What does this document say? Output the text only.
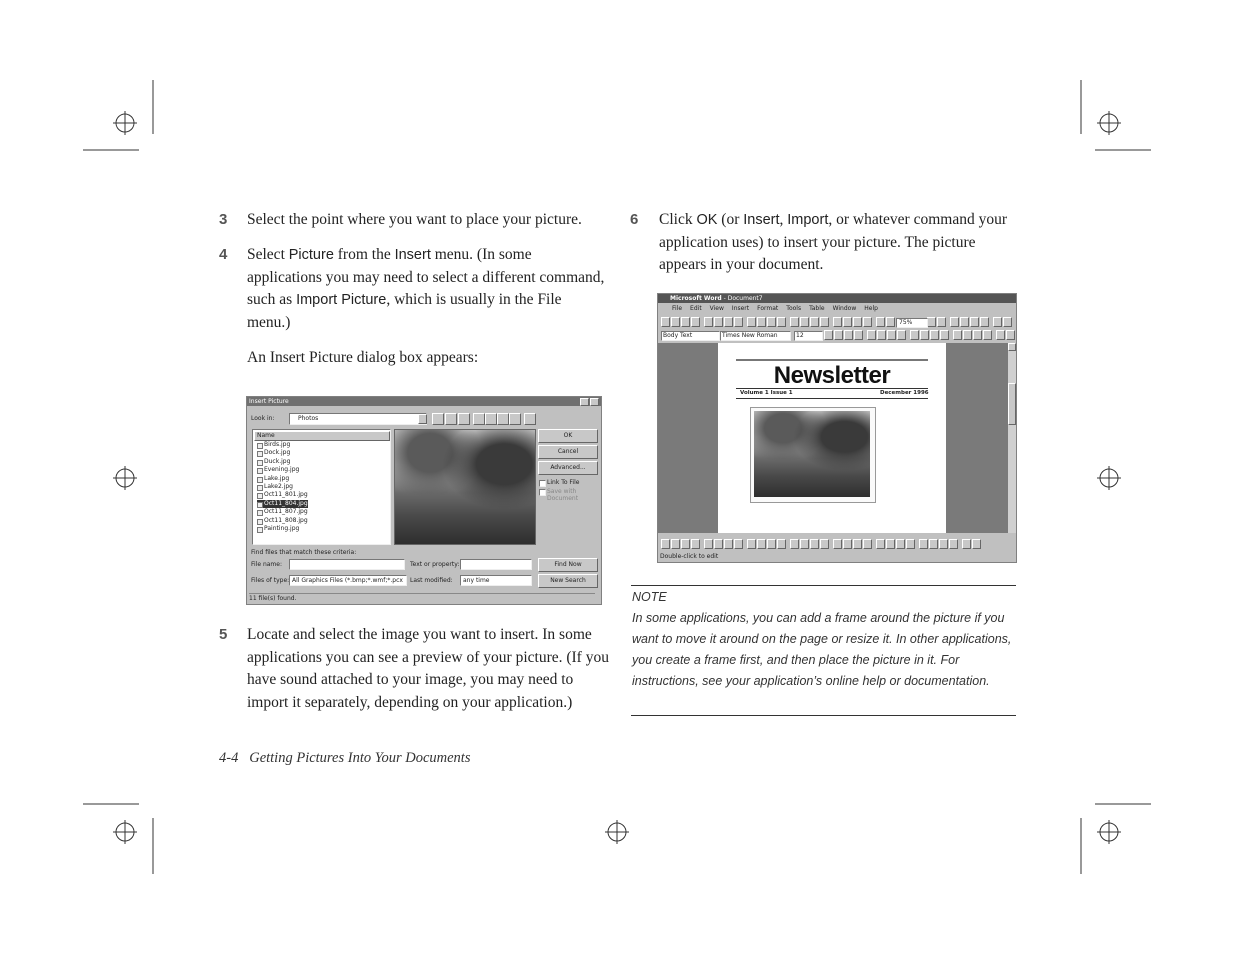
3 Select the point where you want to place your picture.
4 Select Picture from the Insert menu. (In some applications you may need to select a different command, such as Import Picture, which is usually in the File menu.)
An Insert Picture dialog box appears:
Insert Picture
Look in:	Photos
Name
Birds.jpg
Dock.jpg
Duck.jpg
Evening.jpg
Lake.jpg
Lake2.jpg
Oct11_801.jpg
Oct11_804.jpg
Oct11_807.jpg
Oct11_808.jpg
Painting.jpg
OK
Cancel
Advanced...
Link To File
Save with Document
Find files that match these criteria:
File name:	Text or property:	Find Now
Files of type: All Graphics Files (*.bmp;*.wmf;*.pcx	Last modified:	any time	New Search
11 file(s) found.
5 Locate and select the image you want to insert. In some applications you can see a preview of your picture. (If you have sound attached to your image, you may need to import it separately, depending on your application.)
6 Click OK (or Insert, Import, or whatever command your application uses) to insert your picture. The picture appears in your document.
Microsoft Word - Document7
File Edit View Insert Format Tools Table Window Help
75%
Body Text	Times New Roman	12
Newsletter
Volume 1 Issue 1	December 1996
Double-click to edit
NOTE
In some applications, you can add a frame around the picture if you want to move it around on the page or resize it. In other applications, you create a frame first, and then place the picture in it. For instructions, see your application’s online help or documentation.
4-4 Getting Pictures Into Your Documents
